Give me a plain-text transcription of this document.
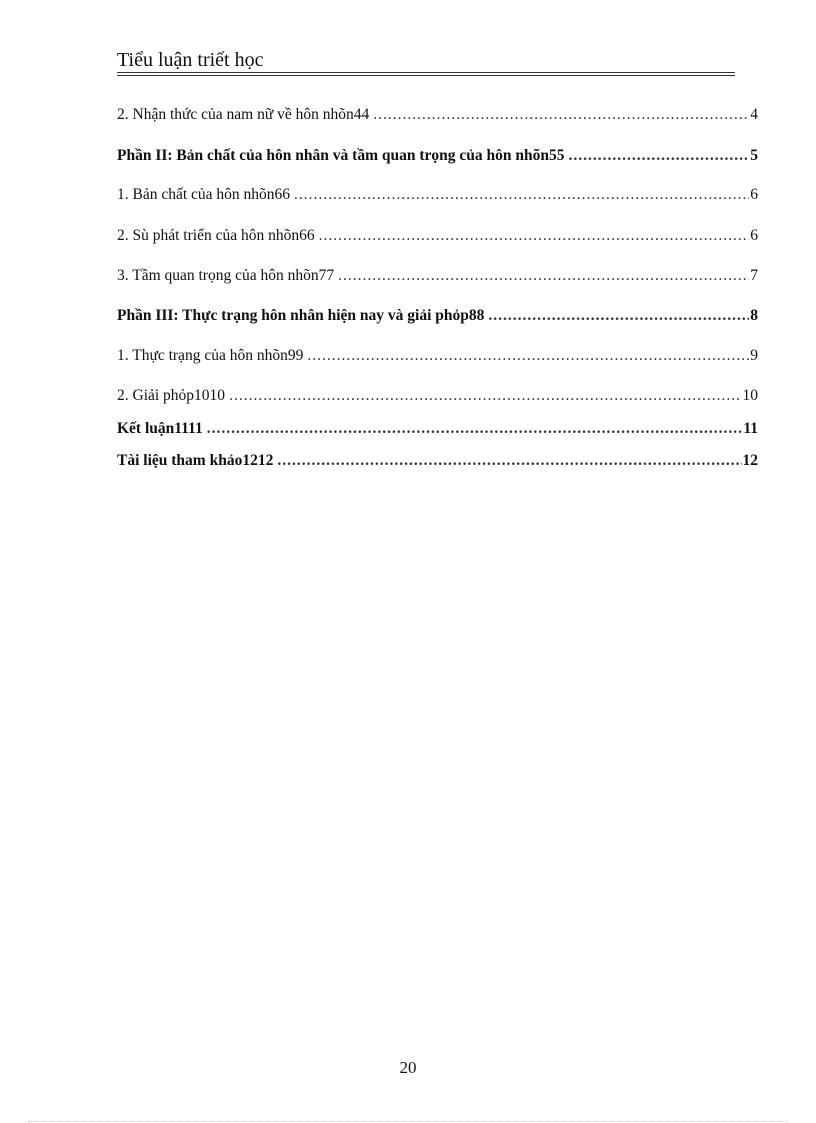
Tiểu luận triết học
2. Nhận thức của nam nữ về hôn nhõn44 .....	4
Phần II: Bản chất của hôn nhân và tầm quan trọng của hôn nhõn55 .....	5
1. Bản chất của hôn nhõn66 .....	6
2. Sù phát triển của hôn nhõn66 .....	6
3. Tầm quan trọng của hôn nhõn77 .....	7
Phần III: Thực trạng hôn nhân hiện nay và giải phỏp88 .....	8
1. Thực trạng của hôn nhõn99 .....	9
2. Giải phỏp1010 .....	10
Kết luận1111 .....	11
Tài liệu tham khảo1212 .....	12
20
